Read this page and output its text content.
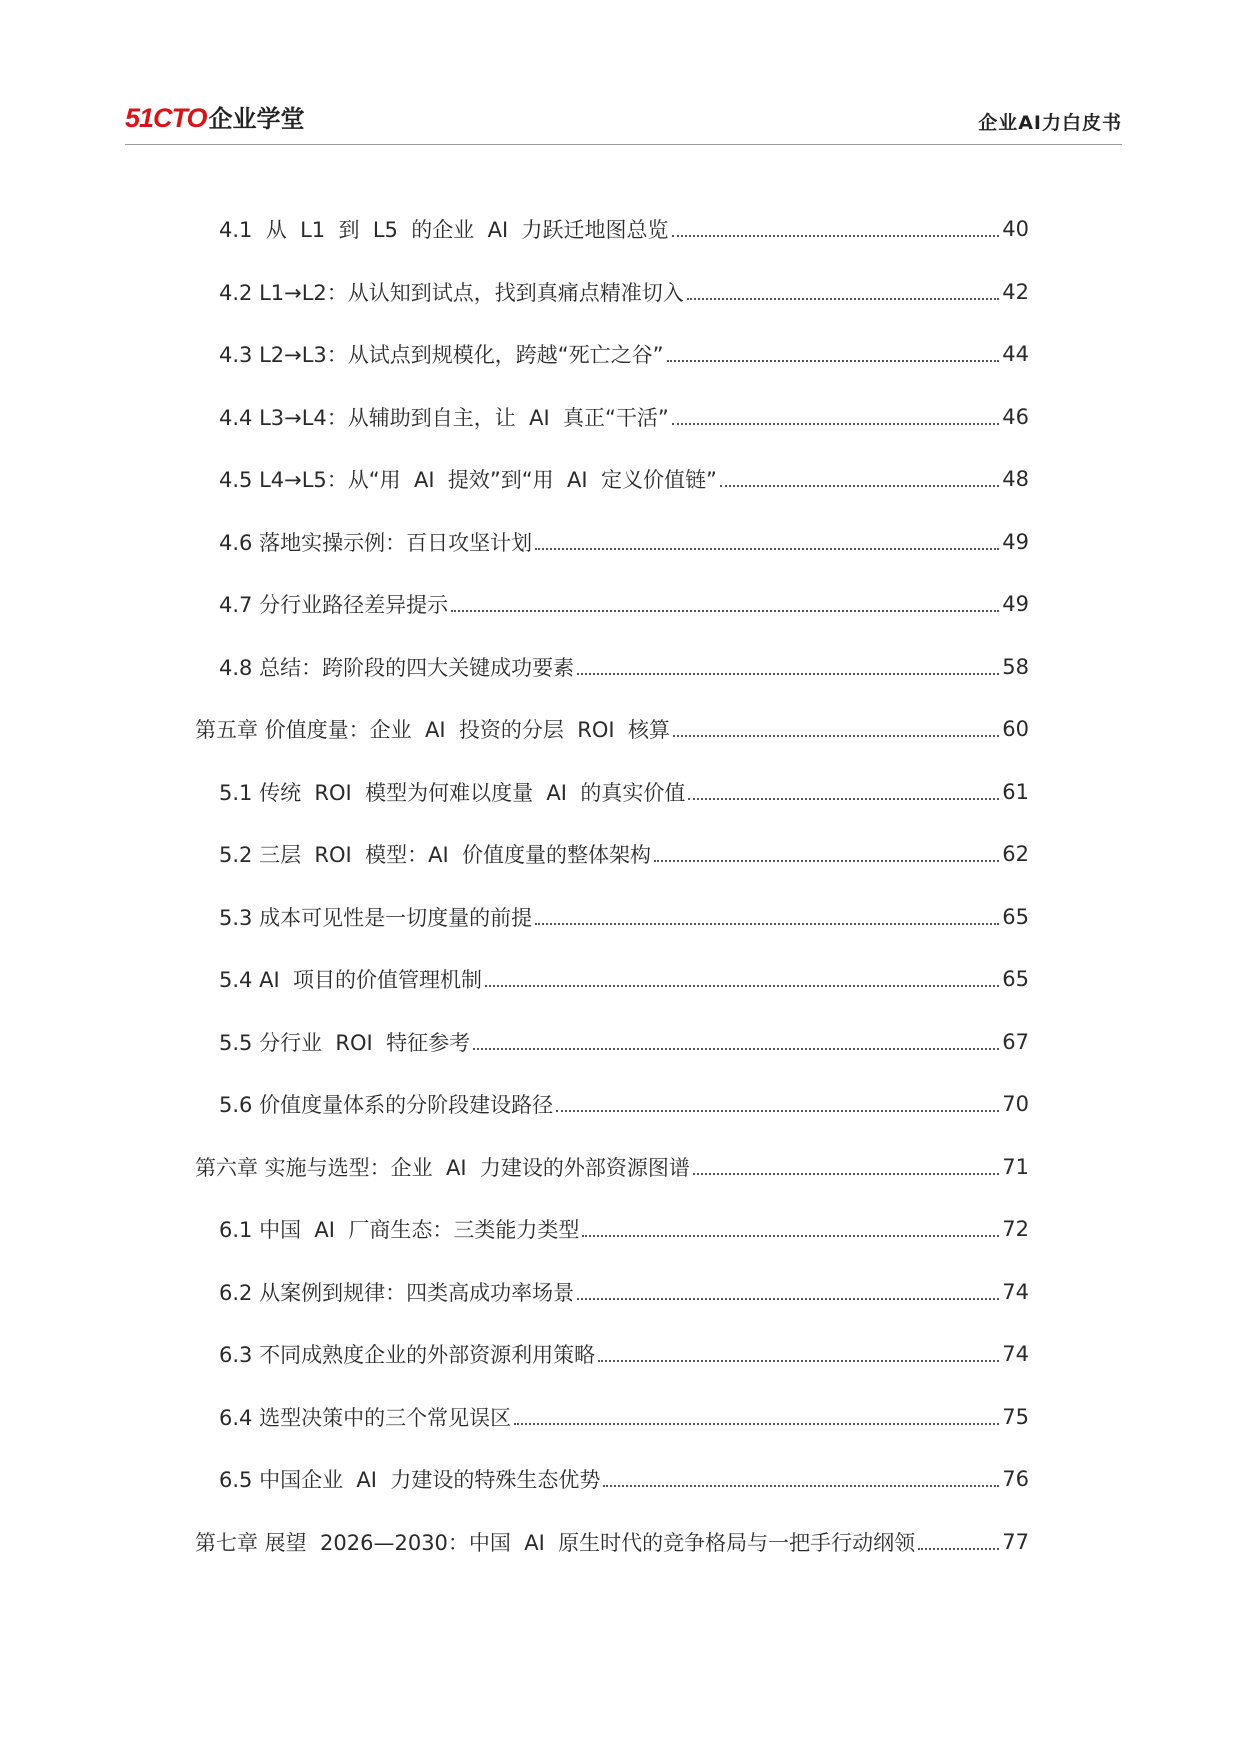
51CTO 企业学堂	企业AI力白皮书
4.1  从  L1  到  L5  的企业  AI  力跃迁地图总览	40
4.2 L1→L2：从认知到试点，找到真痛点精准切入	42
4.3 L2→L3：从试点到规模化，跨越“死亡之谷”	44
4.4 L3→L4：从辅助到自主，让  AI  真正“干活”	46
4.5 L4→L5：从“用  AI  提效”到“用  AI  定义价值链”	48
4.6 落地实操示例：百日攻坚计划	49
4.7 分行业路径差异提示	49
4.8 总结：跨阶段的四大关键成功要素	58
第五章 价值度量：企业  AI  投资的分层  ROI  核算	60
5.1 传统  ROI  模型为何难以度量  AI  的真实价值	61
5.2 三层  ROI  模型：AI  价值度量的整体架构	62
5.3 成本可见性是一切度量的前提	65
5.4 AI  项目的价值管理机制	65
5.5 分行业  ROI  特征参考	67
5.6 价值度量体系的分阶段建设路径	70
第六章 实施与选型：企业  AI  力建设的外部资源图谱	71
6.1 中国  AI  厂商生态：三类能力类型	72
6.2 从案例到规律：四类高成功率场景	74
6.3 不同成熟度企业的外部资源利用策略	74
6.4 选型决策中的三个常见误区	75
6.5 中国企业  AI  力建设的特殊生态优势	76
第七章 展望  2026—2030：中国  AI  原生时代的竞争格局与一把手行动纲领	77
